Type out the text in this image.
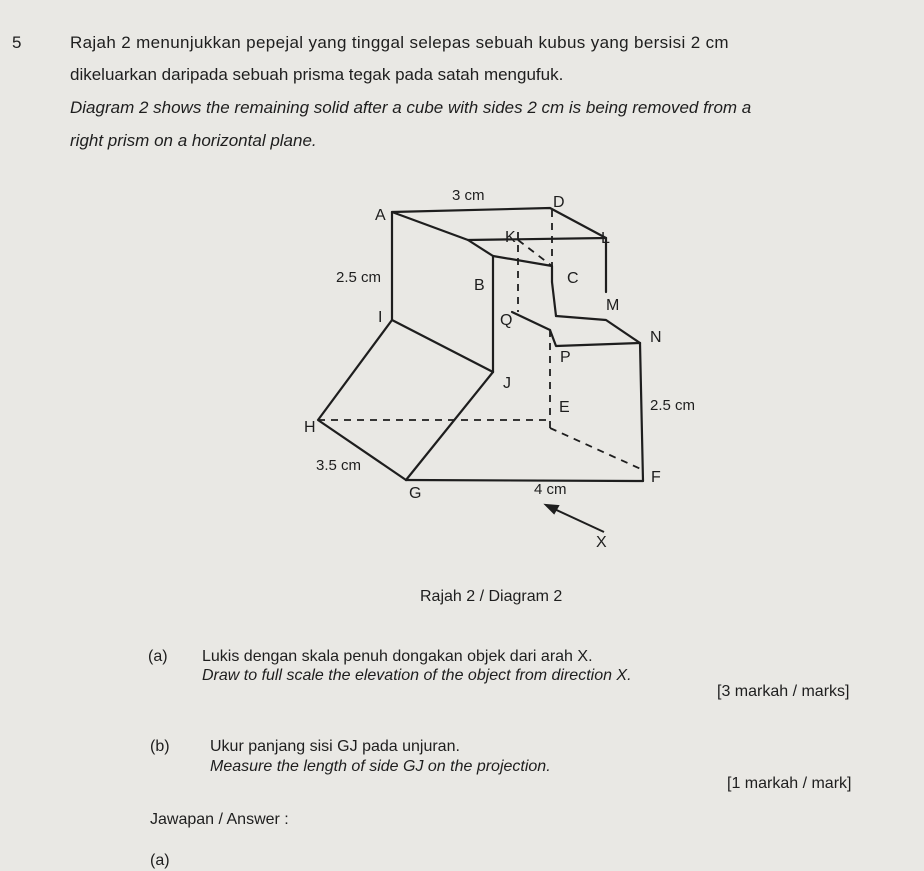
5	Rajah 2 menunjukkan pepejal yang tinggal selepas sebuah kubus yang bersisi 2 cm
dikeluarkan daripada sebuah prisma tegak pada satah mengufuk.
Diagram 2 shows the remaining solid after a cube with sides 2 cm is being removed from a
right prism on a horizontal plane.
A
D
K	L
B	C
M
Q
N
P
I
J
E
H
G
F
X
3 cm
2.5 cm
2.5 cm
3.5 cm
4 cm
Rajah 2 / Diagram 2
(a) Lukis dengan skala penuh dongakan objek dari arah X.
Draw to full scale the elevation of the object from direction X.
[3 markah / marks]
(b)	Ukur panjang sisi GJ pada unjuran.
Measure the length of side GJ on the projection.
[1 markah / mark]
Jawapan / Answer :
(a)
